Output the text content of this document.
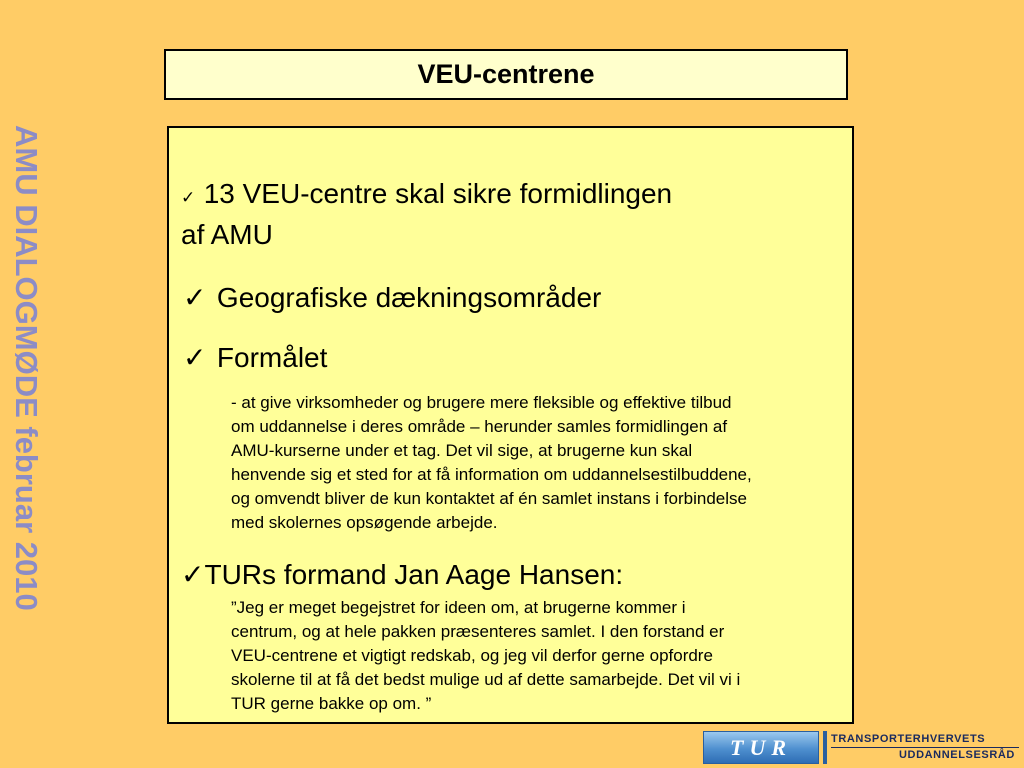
AMU DIALOGMØDE februar 2010
VEU-centrene
✓ 13 VEU-centre skal sikre formidlingen
af AMU
✓ Geografiske dækningsområder
✓ Formålet
- at give virksomheder og brugere mere fleksible og effektive tilbud
om uddannelse i deres område – herunder samles formidlingen af
AMU-kurserne under et tag. Det vil sige, at brugerne kun skal
henvende sig et sted for at få information om uddannelsestilbuddene,
og omvendt bliver de kun kontaktet af én samlet instans i forbindelse
med skolernes opsøgende arbejde.
✓TURs formand Jan Aage Hansen:
”Jeg er meget begejstret for ideen om, at brugerne kommer i
centrum, og at hele pakken præsenteres samlet. I den forstand er
VEU-centrene et vigtigt redskab, og jeg vil derfor gerne opfordre
skolerne til at få det bedst mulige ud af dette samarbejde. Det vil vi i
TUR gerne bakke op om. ”
TUR	TRANSPORTERHVERVETS
UDDANNELSESRÅD
